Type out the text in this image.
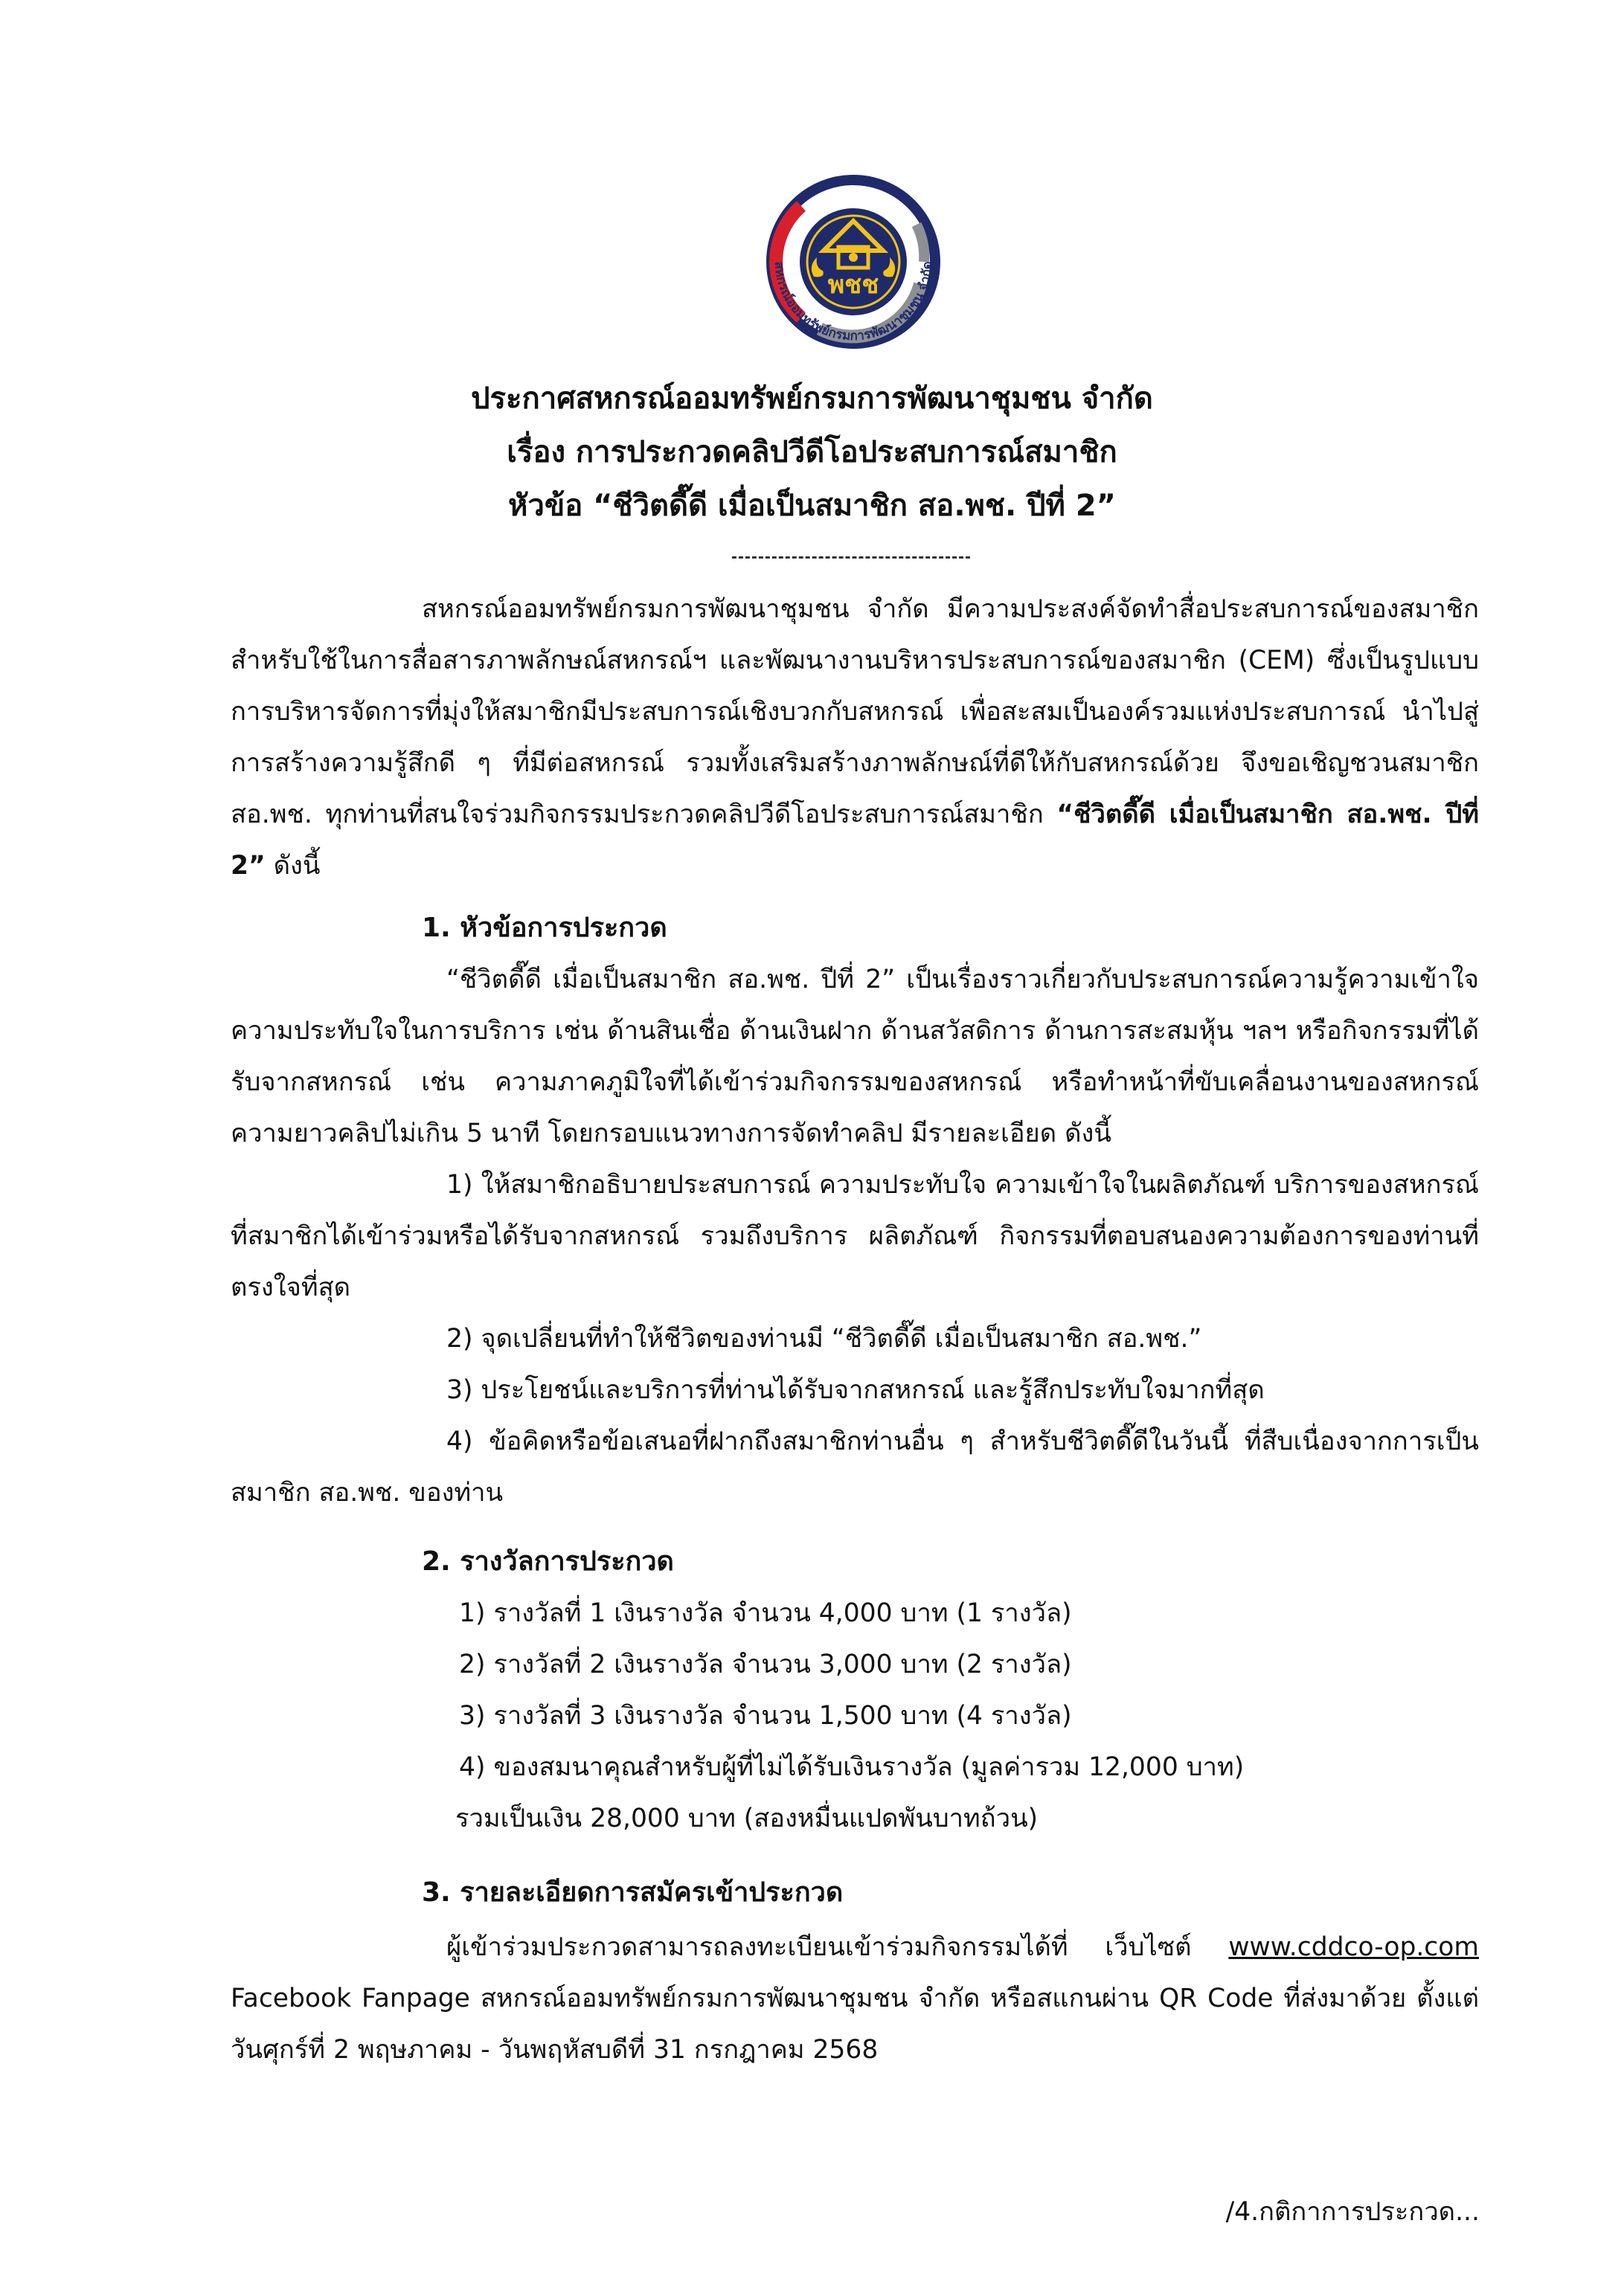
พชช
สหกรณ์ออมทรัพย์กรมการพัฒนาชุมชน จำกัด
ประกาศสหกรณ์ออมทรัพย์กรมการพัฒนาชุมชน จำกัด
เรื่อง การประกวดคลิปวีดีโอประสบการณ์สมาชิก
หัวข้อ “ชีวิตดี๊ดี เมื่อเป็นสมาชิก สอ.พช. ปีที่ 2”

สหกรณ์ออมทรัพย์กรมการพัฒนาชุมชน จำกัด มีความประสงค์จัดทำสื่อประสบการณ์ของสมาชิกสำหรับใช้ในการสื่อสารภาพลักษณ์สหกรณ์ฯ และพัฒนางานบริหารประสบการณ์ของสมาชิก (CEM) ซึ่งเป็นรูปแบบการบริหารจัดการที่มุ่งให้สมาชิกมีประสบการณ์เชิงบวกกับสหกรณ์ เพื่อสะสมเป็นองค์รวมแห่งประสบการณ์ นำไปสู่การสร้างความรู้สึกดี ๆ ที่มีต่อสหกรณ์ รวมทั้งเสริมสร้างภาพลักษณ์ที่ดีให้กับสหกรณ์ด้วย จึงขอเชิญชวนสมาชิก สอ.พช. ทุกท่านที่สนใจร่วมกิจกรรมประกวดคลิปวีดีโอประสบการณ์สมาชิก “ชีวิตดี๊ดี เมื่อเป็นสมาชิก สอ.พช. ปีที่ 2” ดังนี้

1. หัวข้อการประกวด

“ชีวิตดี๊ดี เมื่อเป็นสมาชิก สอ.พช. ปีที่ 2” เป็นเรื่องราวเกี่ยวกับประสบการณ์ความรู้ความเข้าใจ ความประทับใจในการบริการ เช่น ด้านสินเชื่อ ด้านเงินฝาก ด้านสวัสดิการ ด้านการสะสมหุ้น ฯลฯ หรือกิจกรรมที่ได้รับจากสหกรณ์ เช่น ความภาคภูมิใจที่ได้เข้าร่วมกิจกรรมของสหกรณ์ หรือทำหน้าที่ขับเคลื่อนงานของสหกรณ์ ความยาวคลิปไม่เกิน 5 นาที โดยกรอบแนวทางการจัดทำคลิป มีรายละเอียด ดังนี้

1) ให้สมาชิกอธิบายประสบการณ์ ความประทับใจ ความเข้าใจในผลิตภัณฑ์ บริการของสหกรณ์ที่สมาชิกได้เข้าร่วมหรือได้รับจากสหกรณ์ รวมถึงบริการ ผลิตภัณฑ์ กิจกรรมที่ตอบสนองความต้องการของท่านที่ตรงใจที่สุด

2) จุดเปลี่ยนที่ทำให้ชีวิตของท่านมี “ชีวิตดี๊ดี เมื่อเป็นสมาชิก สอ.พช.”

3) ประโยชน์และบริการที่ท่านได้รับจากสหกรณ์ และรู้สึกประทับใจมากที่สุด

4) ข้อคิดหรือข้อเสนอที่ฝากถึงสมาชิกท่านอื่น ๆ สำหรับชีวิตดี๊ดีในวันนี้ ที่สืบเนื่องจากการเป็นสมาชิก สอ.พช. ของท่าน

2. รางวัลการประกวด
1) รางวัลที่ 1 เงินรางวัล จำนวน 4,000 บาท (1 รางวัล)
2) รางวัลที่ 2 เงินรางวัล จำนวน 3,000 บาท (2 รางวัล)
3) รางวัลที่ 3 เงินรางวัล จำนวน 1,500 บาท (4 รางวัล)
4) ของสมนาคุณสำหรับผู้ที่ไม่ได้รับเงินรางวัล (มูลค่ารวม 12,000 บาท)
รวมเป็นเงิน 28,000 บาท (สองหมื่นแปดพันบาทถ้วน)
3. รายละเอียดการสมัครเข้าประกวด

ผู้เข้าร่วมประกวดสามารถลงทะเบียนเข้าร่วมกิจกรรมได้ที่ เว็บไซต์ www.cddco-op.com Facebook Fanpage สหกรณ์ออมทรัพย์กรมการพัฒนาชุมชน จำกัด หรือสแกนผ่าน QR Code ที่ส่งมาด้วย ตั้งแต่วันศุกร์ที่ 2 พฤษภาคม - วันพฤหัสบดีที่ 31 กรกฎาคม 2568

/4.กติกาการประกวด...
